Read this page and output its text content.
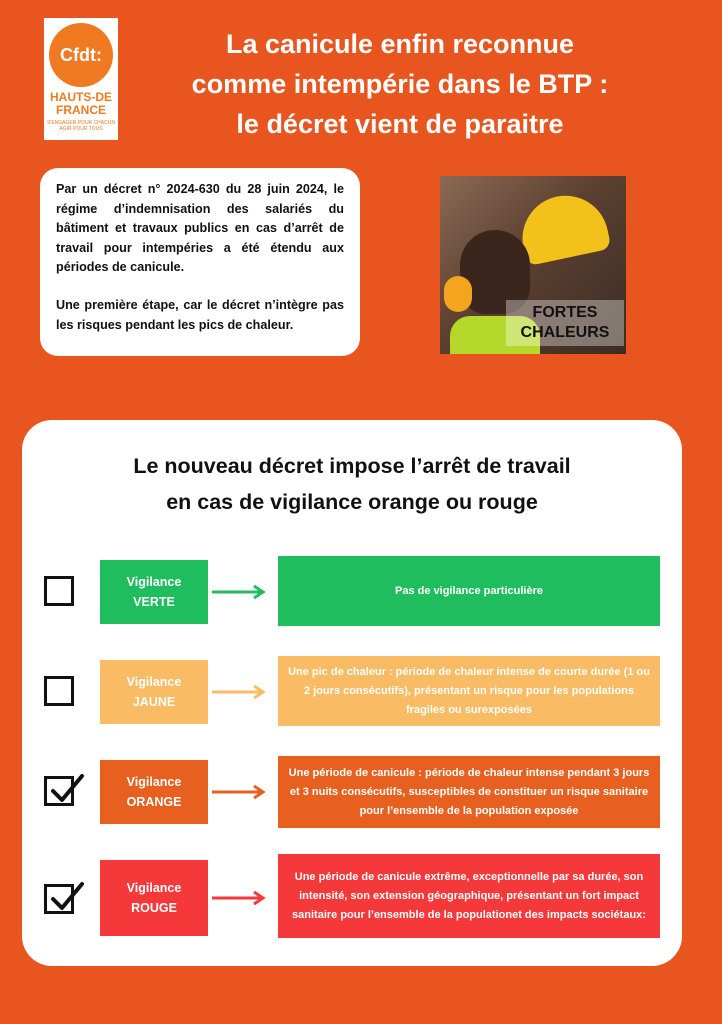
Cfdt:
HAUTS-DE
FRANCE
S'ENGAGER POUR CHACUN AGIR POUR TOUS
La canicule enfin reconnue
comme intempérie dans le BTP :
le décret vient de paraitre

Par un décret n° 2024-630 du 28 juin 2024, le régime d’indemnisation des salariés du bâtiment et travaux publics en cas d’arrêt de travail pour intempéries a été étendu aux périodes de canicule.

Une première étape, car le décret n’intègre pas les risques pendant les pics de chaleur.

FORTES
CHALEURS
Le nouveau décret impose l’arrêt de travail
en cas de vigilance orange ou rouge
Vigilance
VERTE
Pas de vigilance particulière
Vigilance
JAUNE
Une pic de chaleur : période de chaleur intense de courte durée (1 ou 2 jours consécutifs), présentant un risque pour les populations fragiles ou surexposées
Vigilance
ORANGE
Une période de canicule : période de chaleur intense pendant 3 jours et 3 nuits consécutifs, susceptibles de constituer un risque sanitaire pour l’ensemble de la population exposée
Vigilance
ROUGE
Une période de canicule extrême, exceptionnelle par sa durée, son intensité, son extension géographique, présentant un fort impact sanitaire pour l’ensemble de la populationet des impacts sociétaux:
